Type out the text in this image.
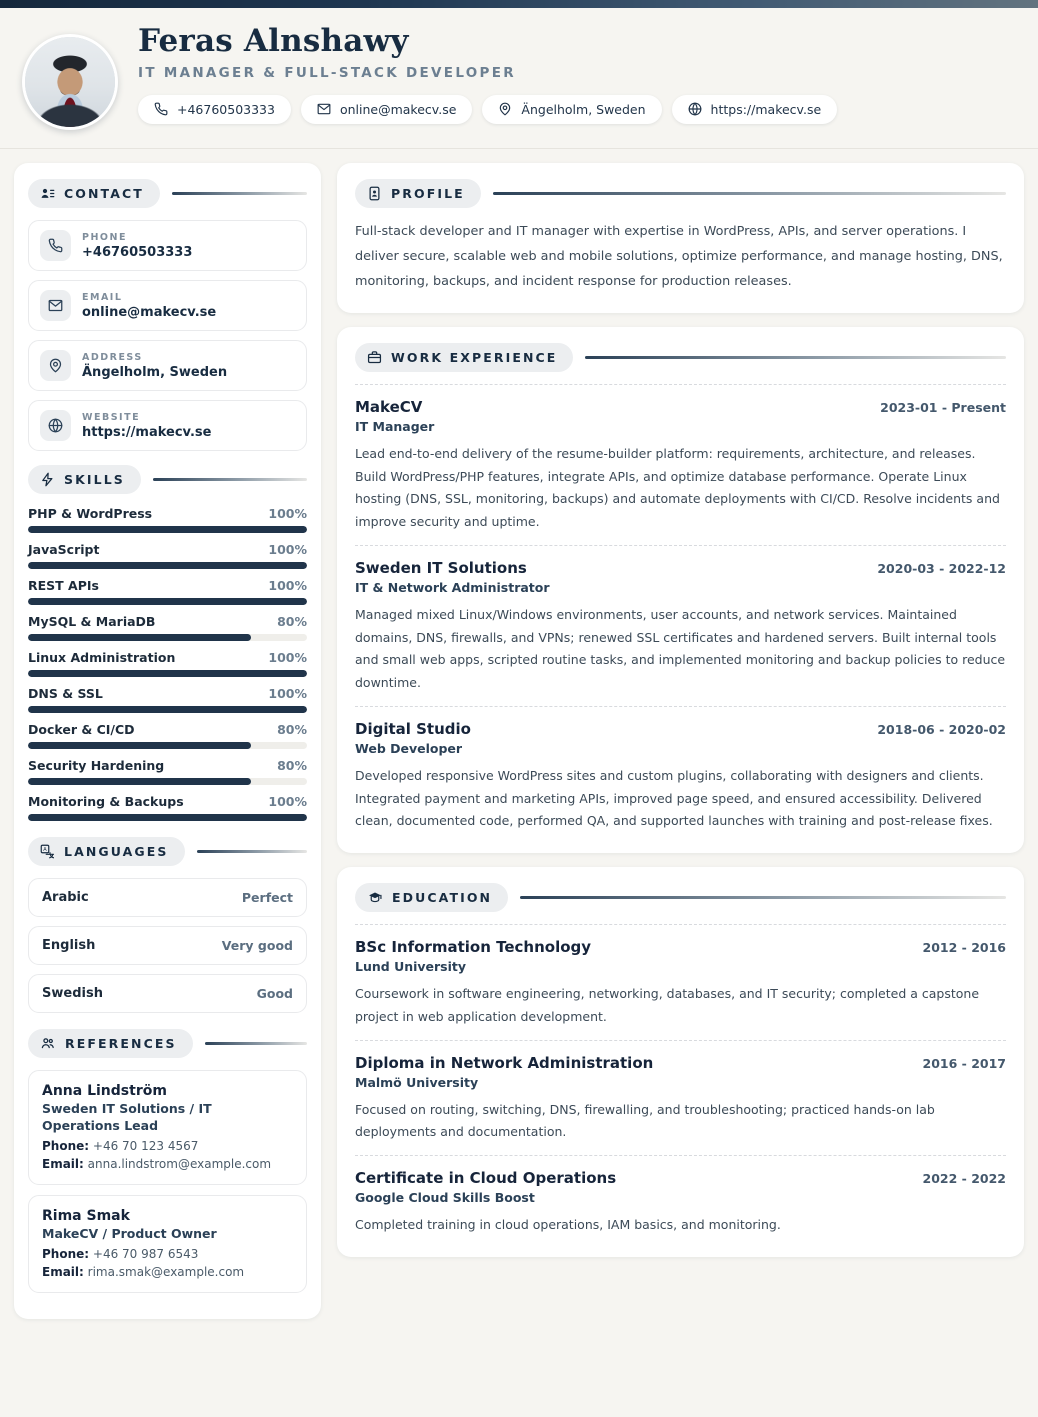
Feras Alnshawy
IT MANAGER & FULL-STACK DEVELOPER
+46760503333	online@makecv.se	Ängelholm, Sweden	https://makecv.se
CONTACT
PHONE
+46760503333
EMAIL
online@makecv.se
ADDRESS
Ängelholm, Sweden
WEBSITE
https://makecv.se
SKILLS
PHP & WordPress	100%
JavaScript	100%
REST APIs	100%
MySQL & MariaDB	80%
Linux Administration	100%
DNS & SSL	100%
Docker & CI/CD	80%
Security Hardening	80%
Monitoring & Backups	100%
A LANGUAGES
Arabic	Perfect
English	Very good
Swedish	Good
REFERENCES
Anna Lindström
Sweden IT Solutions / IT Operations Lead
Phone: +46 70 123 4567
Email: anna.lindstrom@example.com
Rima Smak
MakeCV / Product Owner
Phone: +46 70 987 6543
Email: rima.smak@example.com
PROFILE
Full-stack developer and IT manager with expertise in WordPress, APIs, and server operations. I deliver secure, scalable web and mobile solutions, optimize performance, and manage hosting, DNS, monitoring, backups, and incident response for production releases.
WORK EXPERIENCE
MakeCV	2023-01 - Present
IT Manager
Lead end-to-end delivery of the resume-builder platform: requirements, architecture, and releases. Build WordPress/PHP features, integrate APIs, and optimize database performance. Operate Linux hosting (DNS, SSL, monitoring, backups) and automate deployments with CI/CD. Resolve incidents and improve security and uptime.
Sweden IT Solutions	2020-03 - 2022-12
IT & Network Administrator
Managed mixed Linux/Windows environments, user accounts, and network services. Maintained domains, DNS, firewalls, and VPNs; renewed SSL certificates and hardened servers. Built internal tools and small web apps, scripted routine tasks, and implemented monitoring and backup policies to reduce downtime.
Digital Studio	2018-06 - 2020-02
Web Developer
Developed responsive WordPress sites and custom plugins, collaborating with designers and clients. Integrated payment and marketing APIs, improved page speed, and ensured accessibility. Delivered clean, documented code, performed QA, and supported launches with training and post-release fixes.
EDUCATION
BSc Information Technology	2012 - 2016
Lund University
Coursework in software engineering, networking, databases, and IT security; completed a capstone project in web application development.
Diploma in Network Administration	2016 - 2017
Malmö University
Focused on routing, switching, DNS, firewalling, and troubleshooting; practiced hands-on lab deployments and documentation.
Certificate in Cloud Operations	2022 - 2022
Google Cloud Skills Boost
Completed training in cloud operations, IAM basics, and monitoring.
